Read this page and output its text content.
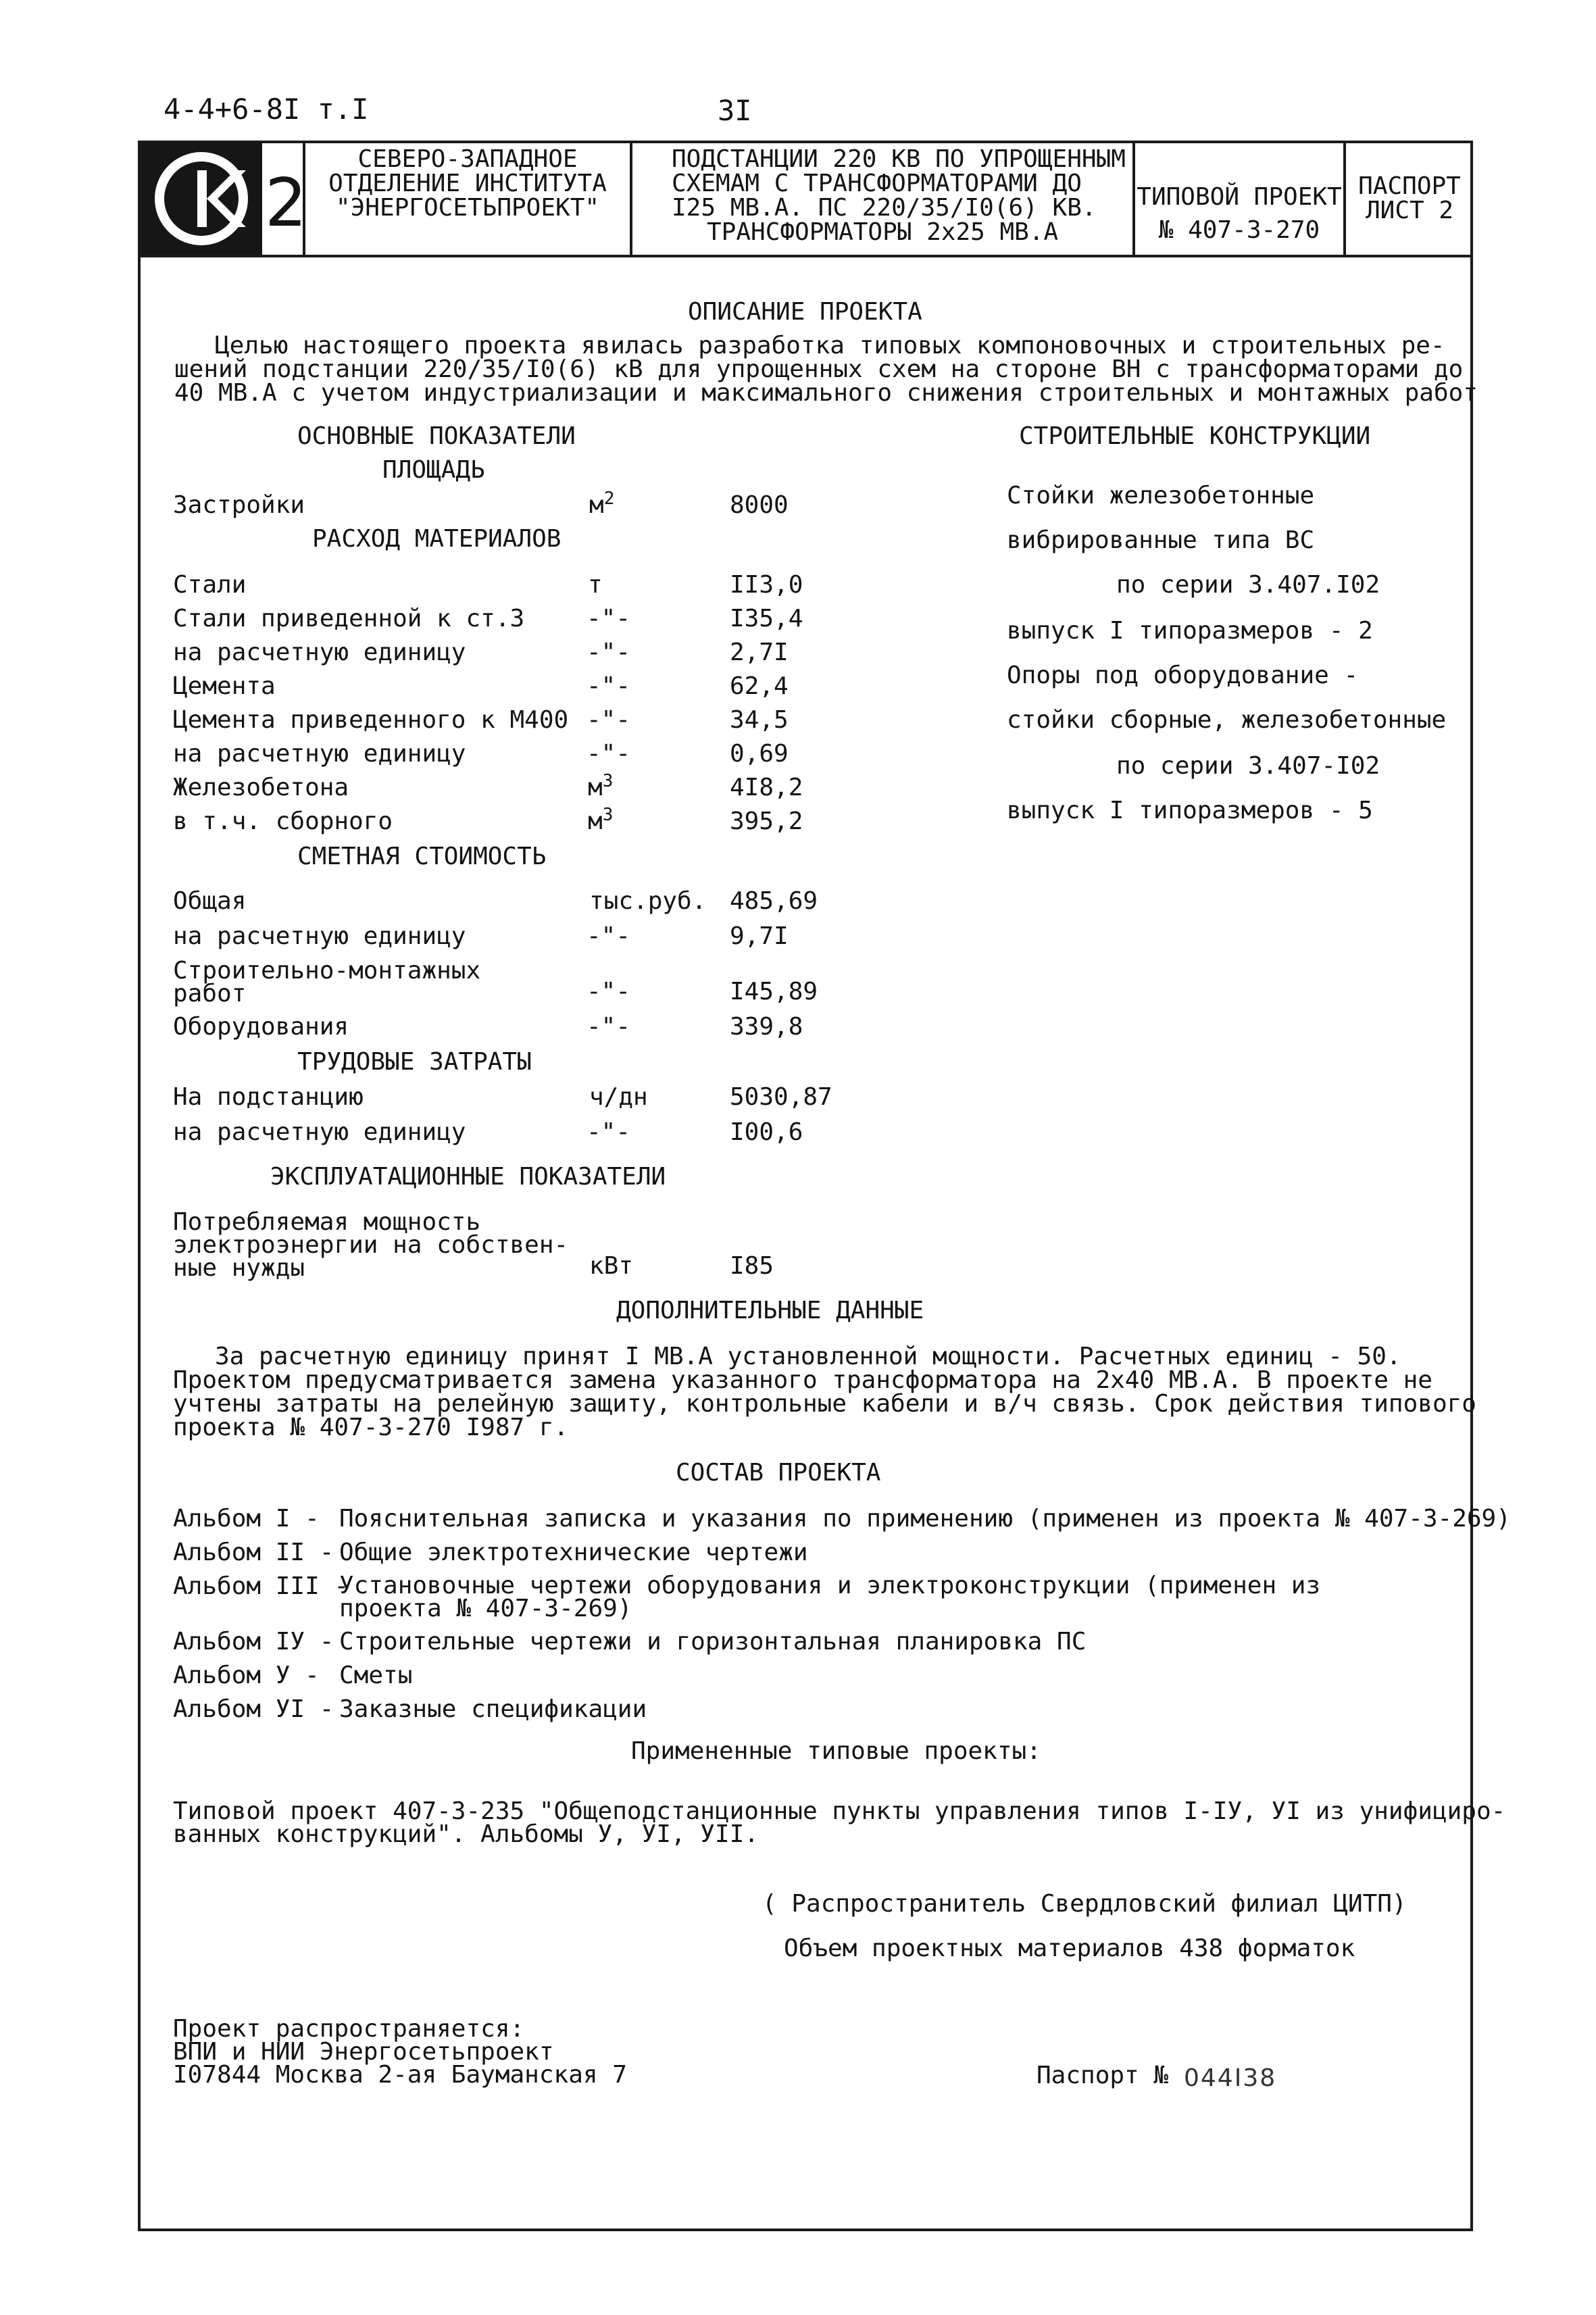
4-4+6-8I т.I	3I
2
СЕВЕРО-ЗАПАДНОЕ
ОТДЕЛЕНИЕ ИНСТИТУТА
"ЭНЕРГОСЕТЬПРОЕКТ"
ПОДСТАНЦИИ 220 КВ ПО УПРОЩЕННЫМ
СХЕМАМ С ТРАНСФОРМАТОРАМИ ДО
I25 МВ.А. ПС 220/35/I0(6) КВ.
ТРАНСФОРМАТОРЫ 2х25 МВ.А
ТИПОВОЙ ПРОЕКТ
№ 407-3-270
ПАСПОРТ
ЛИСТ 2
ОПИСАНИЕ ПРОЕКТА
Целью настоящего проекта явилась разработка типовых компоновочных и строительных ре-
шений подстанции 220/35/I0(6) кВ для упрощенных схем на стороне ВН с трансформаторами до
40 МВ.А с учетом индустриализации и максимального снижения строительных и монтажных работ
ОСНОВНЫЕ ПОКАЗАТЕЛИ
ПЛОЩАДЬ
Застройки	$м^2$	8000
РАСХОД МАТЕРИАЛОВ
Стали	т	II3,0
Стали приведенной к ст.3	-"-	I35,4
на расчетную единицу	-"-	2,7I
Цемента	-"-	62,4
Цемента приведенного к М400 -"-	34,5
на расчетную единицу	-"-	0,69
Железобетона	$м^3$	4I8,2
в т.ч. сборного	$м^3$	395,2
СМЕТНАЯ СТОИМОСТЬ
Общая	тыс.руб. 485,69
на расчетную единицу	-"-	9,7I
Строительно-монтажных
работ	-"-	I45,89
Оборудования	-"-	339,8
ТРУДОВЫЕ ЗАТРАТЫ
На подстанцию	ч/дн	5030,87
на расчетную единицу	-"-	I00,6
ЭКСПЛУАТАЦИОННЫЕ ПОКАЗАТЕЛИ
Потребляемая мощность
электроэнергии на собствен-
ные нужды	кВт	I85
СТРОИТЕЛЬНЫЕ КОНСТРУКЦИИ
Стойки железобетонные
вибрированные типа ВС
по серии 3.407.I02
выпуск I типоразмеров - 2
Опоры под оборудование -
стойки сборные, железобетонные
по серии 3.407-I02
выпуск I типоразмеров - 5
ДОПОЛНИТЕЛЬНЫЕ ДАННЫЕ
За расчетную единицу принят I МВ.А установленной мощности. Расчетных единиц - 50.
Проектом предусматривается замена указанного трансформатора на 2х40 МВ.А. В проекте не
учтены затраты на релейную защиту, контрольные кабели и в/ч связь. Срок действия типового
проекта № 407-3-270 I987 г.
СОСТАВ ПРОЕКТА
Альбом I - Пояснительная записка и указания по применению (применен из проекта № 407-3-269)
Альбом II - Общие электротехнические чертежи
Альбом III -
Установочные чертежи оборудования и электроконструкции (применен из
проекта № 407-3-269)
Альбом IУ - Строительные чертежи и горизонтальная планировка ПС
Альбом У - Сметы
Альбом УI - Заказные спецификации
Примененные типовые проекты:
Типовой проект 407-3-235 "Общеподстанционные пункты управления типов I-IУ, УI из унифициро-
ванных конструкций". Альбомы У, УI, УII.
( Распространитель Свердловский филиал ЦИТП)
Объем проектных материалов 438 форматок
Проект распространяется:
ВПИ и НИИ Энергосетьпроект
I07844 Москва 2-ая Бауманская 7	Паспорт № 044I38
